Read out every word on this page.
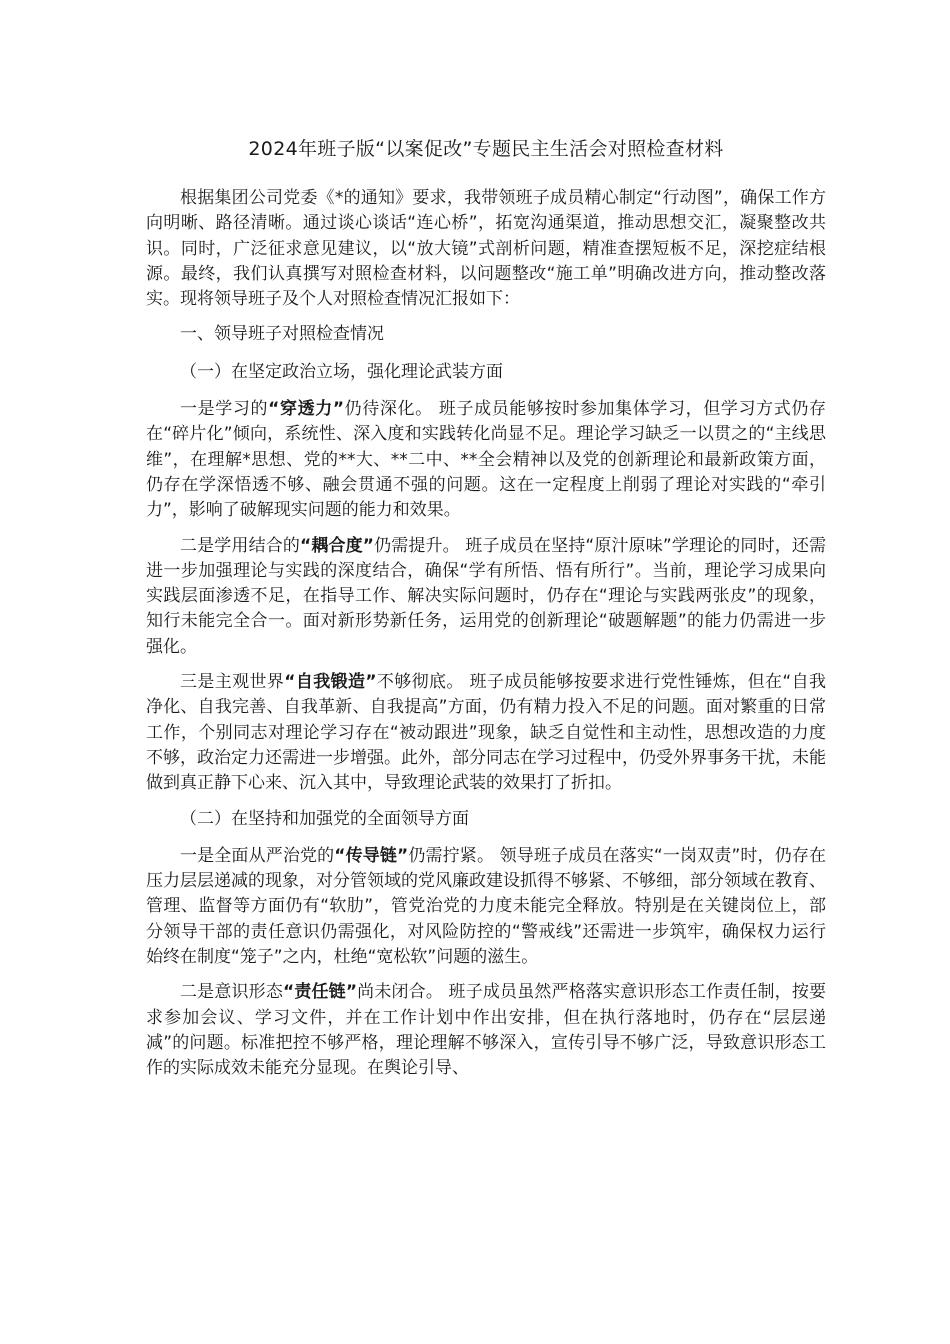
2024年班子版“以案促改”专题民主生活会对照检查材料

根据集团公司党委《*的通知》要求，我带领班子成员精心制定“行动图”，确保工作方向明晰、路径清晰。通过谈心谈话“连心桥”，拓宽沟通渠道，推动思想交汇，凝聚整改共识。同时，广泛征求意见建议，以“放大镜”式剖析问题，精准查摆短板不足，深挖症结根源。最终，我们认真撰写对照检查材料，以问题整改“施工单”明确改进方向，推动整改落实。现将领导班子及个人对照检查情况汇报如下：

一、领导班子对照检查情况

（一）在坚定政治立场，强化理论武装方面

一是学习的“穿透力”仍待深化。 班子成员能够按时参加集体学习，但学习方式仍存在“碎片化”倾向，系统性、深入度和实践转化尚显不足。理论学习缺乏一以贯之的“主线思维”，在理解*思想、党的**大、**二中、**全会精神以及党的创新理论和最新政策方面，仍存在学深悟透不够、融会贯通不强的问题。这在一定程度上削弱了理论对实践的“牵引力”，影响了破解现实问题的能力和效果。

二是学用结合的“耦合度”仍需提升。 班子成员在坚持“原汁原味”学理论的同时，还需进一步加强理论与实践的深度结合，确保“学有所悟、悟有所行”。当前，理论学习成果向实践层面渗透不足，在指导工作、解决实际问题时，仍存在“理论与实践两张皮”的现象，知行未能完全合一。面对新形势新任务，运用党的创新理论“破题解题”的能力仍需进一步强化。

三是主观世界“自我锻造”不够彻底。 班子成员能够按要求进行党性锤炼，但在“自我净化、自我完善、自我革新、自我提高”方面，仍有精力投入不足的问题。面对繁重的日常工作，个别同志对理论学习存在“被动跟进”现象，缺乏自觉性和主动性，思想改造的力度不够，政治定力还需进一步增强。此外，部分同志在学习过程中，仍受外界事务干扰，未能做到真正静下心来、沉入其中，导致理论武装的效果打了折扣。

（二）在坚持和加强党的全面领导方面

一是全面从严治党的“传导链”仍需拧紧。 领导班子成员在落实“一岗双责”时，仍存在压力层层递减的现象，对分管领域的党风廉政建设抓得不够紧、不够细，部分领域在教育、管理、监督等方面仍有“软肋”，管党治党的力度未能完全释放。特别是在关键岗位上，部分领导干部的责任意识仍需强化，对风险防控的“警戒线”还需进一步筑牢，确保权力运行始终在制度“笼子”之内，杜绝“宽松软”问题的滋生。

二是意识形态“责任链”尚未闭合。 班子成员虽然严格落实意识形态工作责任制，按要求参加会议、学习文件，并在工作计划中作出安排，但在执行落地时，仍存在“层层递减”的问题。标准把控不够严格，理论理解不够深入，宣传引导不够广泛，导致意识形态工作的实际成效未能充分显现。在舆论引导、
